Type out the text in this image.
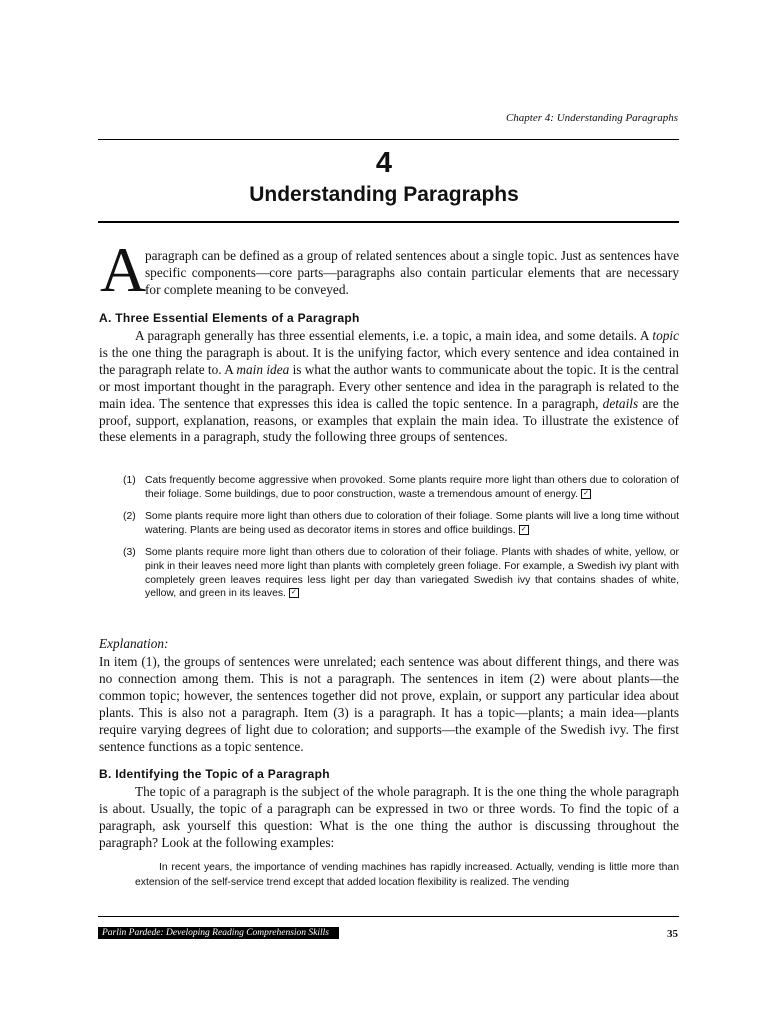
Chapter 4: Understanding Paragraphs
4
Understanding Paragraphs
A

paragraph can be defined as a group of related sentences about a single topic. Just as sentences have specific components—core parts—paragraphs also contain particular elements that are necessary for complete meaning to be conveyed.

A. Three Essential Elements of a Paragraph

A paragraph generally has three essential elements, i.e. a topic, a main idea, and some details. A topic is the one thing the paragraph is about. It is the unifying factor, which every sentence and idea contained in the paragraph relate to. A main idea is what the author wants to communicate about the topic. It is the central or most important thought in the paragraph. Every other sentence and idea in the paragraph is related to the main idea. The sentence that expresses this idea is called the topic sentence. In a paragraph, details are the proof, support, explanation, reasons, or examples that explain the main idea. To illustrate the existence of these elements in a paragraph, study the following three groups of sentences.

(1) Cats frequently become aggressive when provoked. Some plants require more light than others due to coloration of their foliage. Some buildings, due to poor construction, waste a tremendous amount of energy. ✓
(2) Some plants require more light than others due to coloration of their foliage. Some plants will live a long time without watering. Plants are being used as decorator items in stores and office buildings. ✓
(3) Some plants require more light than others due to coloration of their foliage. Plants with shades of white, yellow, or pink in their leaves need more light than plants with completely green foliage. For example, a Swedish ivy plant with completely green leaves requires less light per day than variegated Swedish ivy that contains shades of white, yellow, and green in its leaves. ✓

Explanation:

In item (1), the groups of sentences were unrelated; each sentence was about different things, and there was no connection among them. This is not a paragraph. The sentences in item (2) were about plants—the common topic; however, the sentences together did not prove, explain, or support any particular idea about plants. This is also not a paragraph. Item (3) is a paragraph. It has a topic—plants; a main idea—plants require varying degrees of light due to coloration; and supports—the example of the Swedish ivy. The first sentence functions as a topic sentence.

B. Identifying the Topic of a Paragraph

The topic of a paragraph is the subject of the whole paragraph. It is the one thing the whole paragraph is about. Usually, the topic of a paragraph can be expressed in two or three words. To find the topic of a paragraph, ask yourself this question: What is the one thing the author is discussing throughout the paragraph? Look at the following examples:

In recent years, the importance of vending machines has rapidly increased. Actually, vending is little more than extension of the self-service trend except that added location flexibility is realized. The vending

Parlin Pardede: Developing Reading Comprehension Skills	35
